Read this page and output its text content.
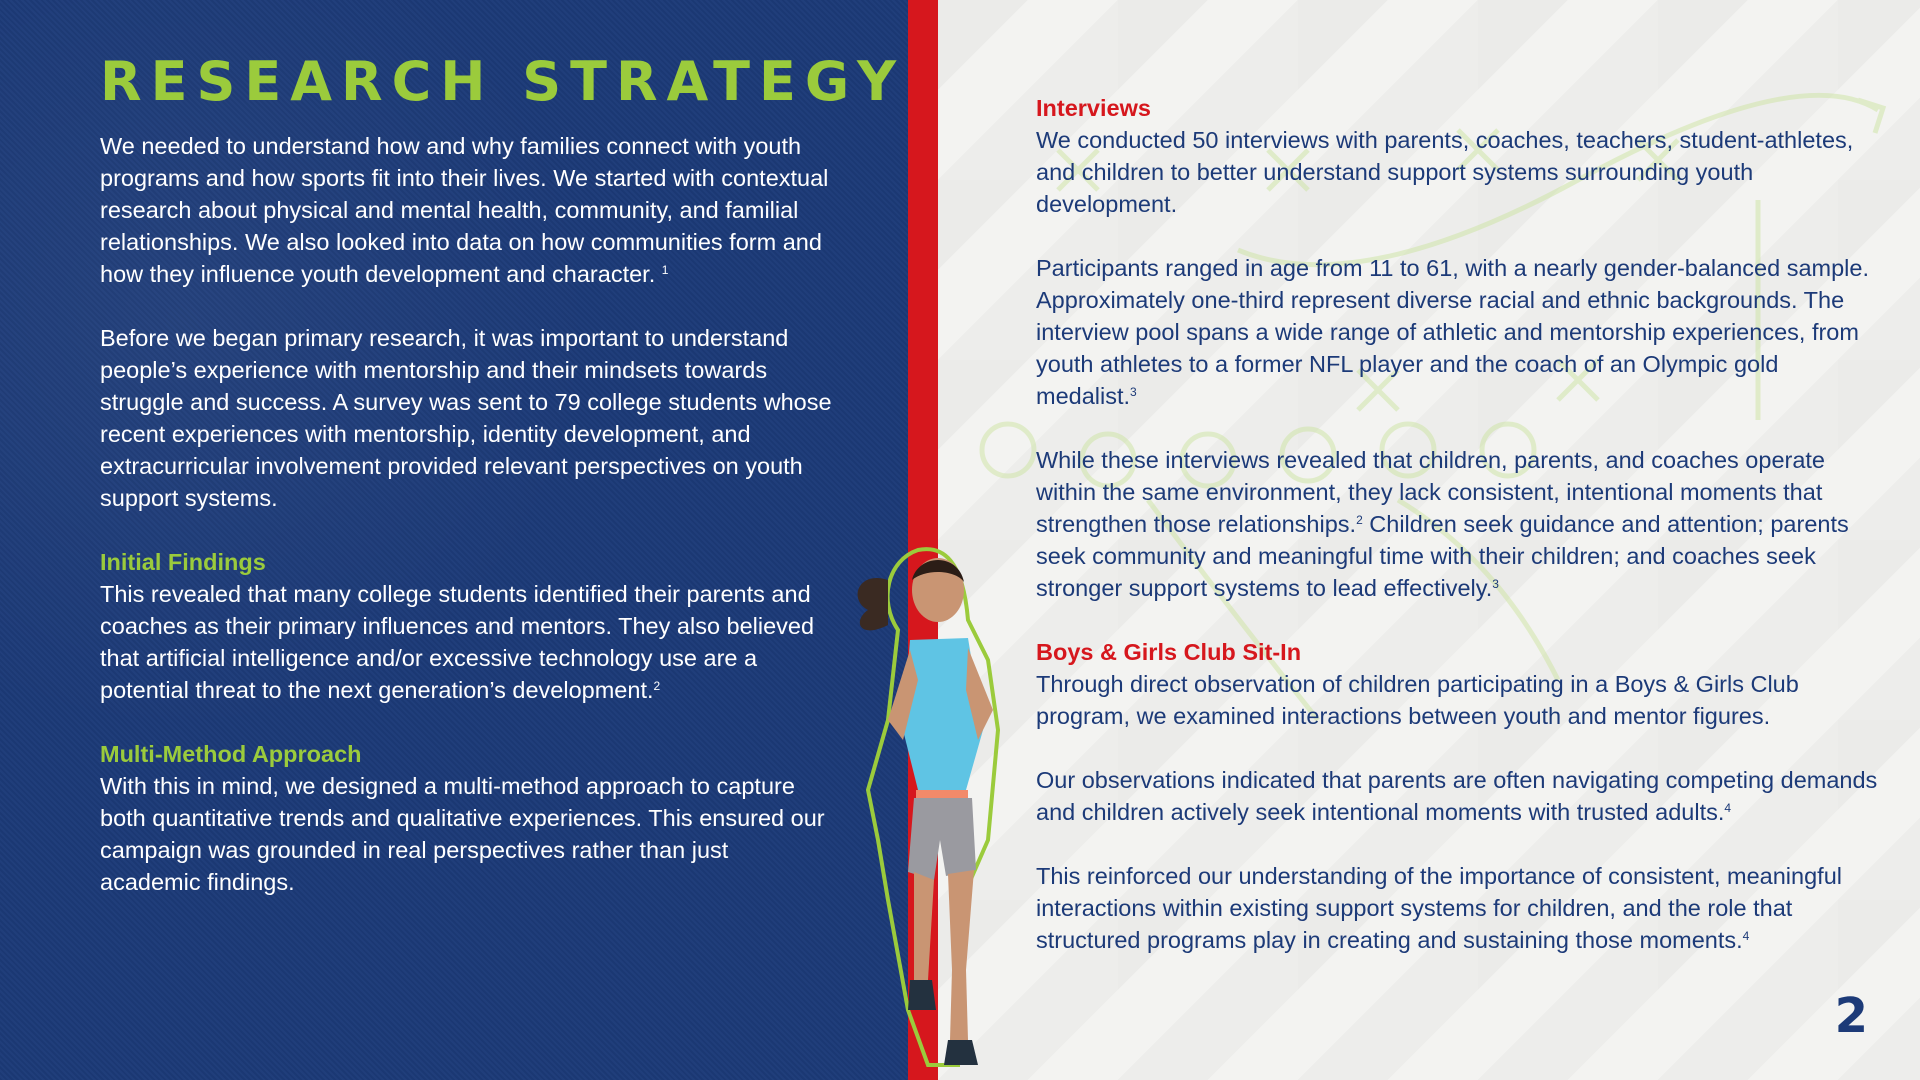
RESEARCH STRATEGY

We needed to understand how and why families connect with youth programs and how sports fit into their lives. We started with contextual research about physical and mental health, community, and familial relationships. We also looked into data on how communities form and how they influence youth development and character. $^1$

Before we began primary research, it was important to understand people’s experience with mentorship and their mindsets towards struggle and success. A survey was sent to 79 college students whose recent experiences with mentorship, identity development, and extracurricular involvement provided relevant perspectives on youth support systems.

Initial Findings

This revealed that many college students identified their parents and coaches as their primary influences and mentors. They also believed that artificial intelligence and/or excessive technology use are a potential threat to the next generation’s development.$^2$

Multi-Method Approach

With this in mind, we designed a multi-method approach to capture both quantitative trends and qualitative experiences. This ensured our campaign was grounded in real perspectives rather than just academic findings.

Interviews

We conducted 50 interviews with parents, coaches, teachers, student-athletes, and children to better understand support systems surrounding youth development.

Participants ranged in age from 11 to 61, with a nearly gender-balanced sample. Approximately one-third represent diverse racial and ethnic backgrounds. The interview pool spans a wide range of athletic and mentorship experiences, from youth athletes to a former NFL player and the coach of an Olympic gold medalist.$^3$

While these interviews revealed that children, parents, and coaches operate within the same environment, they lack consistent, intentional moments that strengthen those relationships.$^2$ Children seek guidance and attention; parents seek community and meaningful time with their children; and coaches seek stronger support systems to lead effectively.$^3$

Boys & Girls Club Sit-In

Through direct observation of children participating in a Boys & Girls Club program, we examined interactions between youth and mentor figures.

Our observations indicated that parents are often navigating competing demands and children actively seek intentional moments with trusted adults.$^4$

This reinforced our understanding of the importance of consistent, meaningful interactions within existing support systems for children, and the role that structured programs play in creating and sustaining those moments.$^4$

2
